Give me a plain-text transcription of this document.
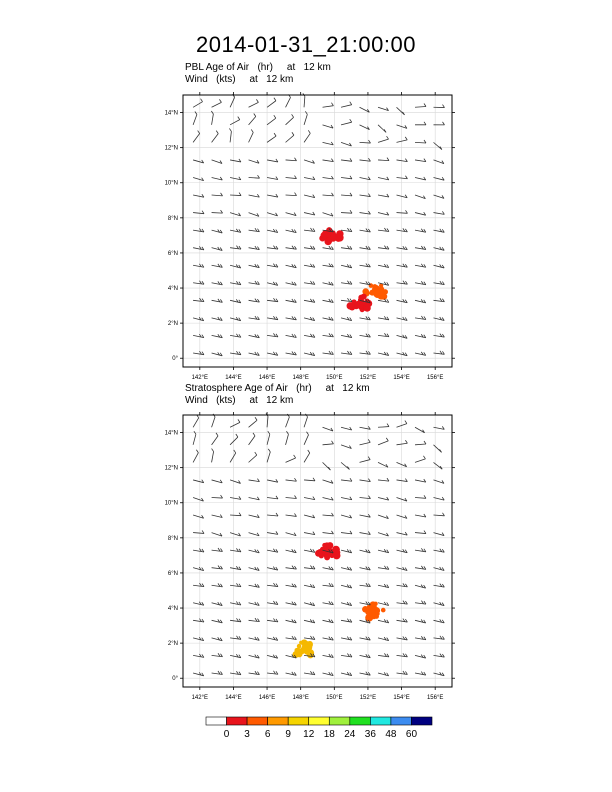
2014-01-31_21:00:00
PBL Age of Air   (hr)     at   12 km
Wind   (kts)     at   12 km
Stratosphere Age of Air   (hr)     at   12 km
Wind   (kts)     at   12 km
142°E	144°E	146°E	148°E	150°E	152°E	154°E	156°E
0°
2°N
4°N
6°N
8°N
10°N
12°N
14°N
142°E	144°E	146°E	148°E	150°E	152°E	154°E	156°E
0°
2°N
4°N
6°N
8°N
10°N
12°N
14°N
0 3 6 9 12 18 24 36 48 60
